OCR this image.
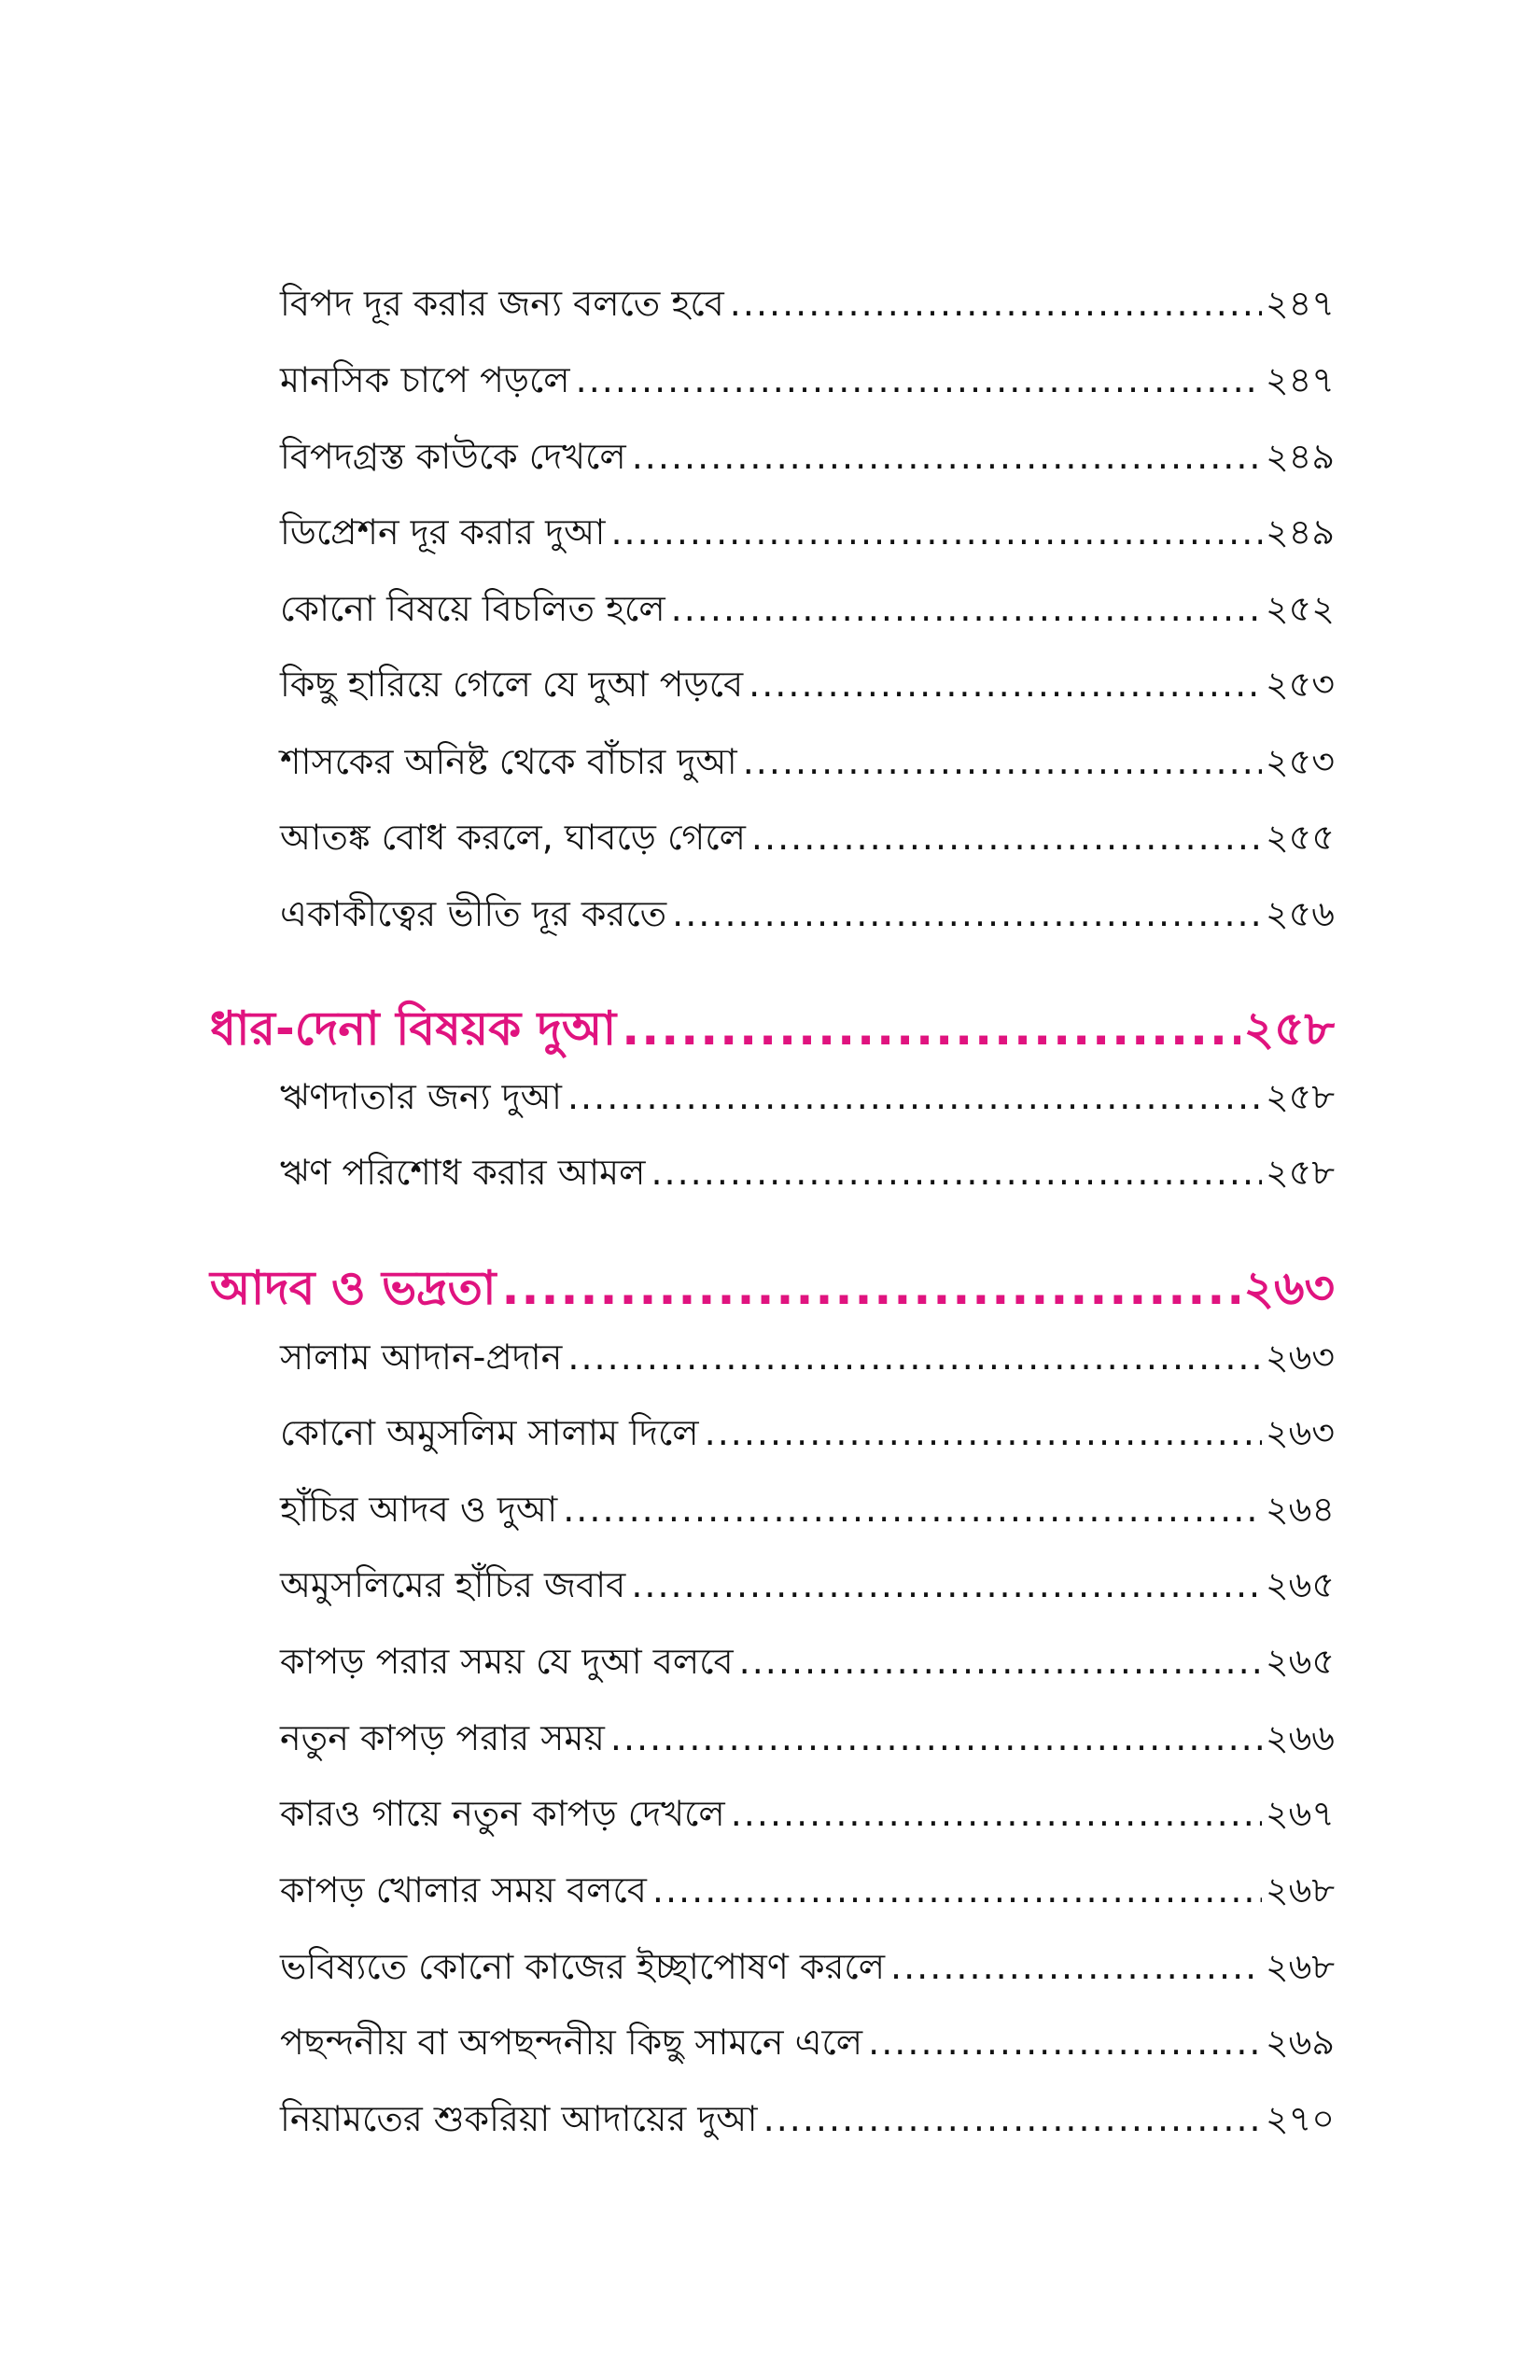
বিপদ দূর করার জন্য বলতে হবে .....	২৪৭
মানসিক চাপে পড়লে .....	২৪৭
বিপদগ্রস্ত কাউকে দেখলে .....	২৪৯
ডিপ্রেশন দূর করার দুআ .....	২৪৯
কোনো বিষয়ে বিচলিত হলে .....	২৫২
কিছু হারিয়ে গেলে যে দুআ পড়বে .....	২৫৩
শাসকের অনিষ্ট থেকে বাঁচার দুআ .....	২৫৩
আতঙ্ক বোধ করলে, ঘাবড়ে গেলে .....	২৫৫
একাকীত্বের ভীতি দূর করতে .....	২৫৬
ধার-দেনা বিষয়ক দুআ .....	২৫৮
ঋণদাতার জন্য দুআ .....	২৫৮
ঋণ পরিশোধ করার আমল .....	২৫৮
আদব ও ভদ্রতা .....	২৬৩
সালাম আদান-প্রদান .....	২৬৩
কোনো অমুসলিম সালাম দিলে .....	২৬৩
হাঁচির আদব ও দুআ .....	২৬৪
অমুসলিমের হাঁচির জবাব .....	২৬৫
কাপড় পরার সময় যে দুআ বলবে .....	২৬৫
নতুন কাপড় পরার সময় .....	২৬৬
কারও গায়ে নতুন কাপড় দেখলে .....	২৬৭
কাপড় খোলার সময় বলবে .....	২৬৮
ভবিষ্যতে কোনো কাজের ইচ্ছাপোষণ করলে .....	২৬৮
পছন্দনীয় বা অপছন্দনীয় কিছু সামনে এলে .....	২৬৯
নিয়ামতের শুকরিয়া আদায়ের দুআ .....	২৭০
